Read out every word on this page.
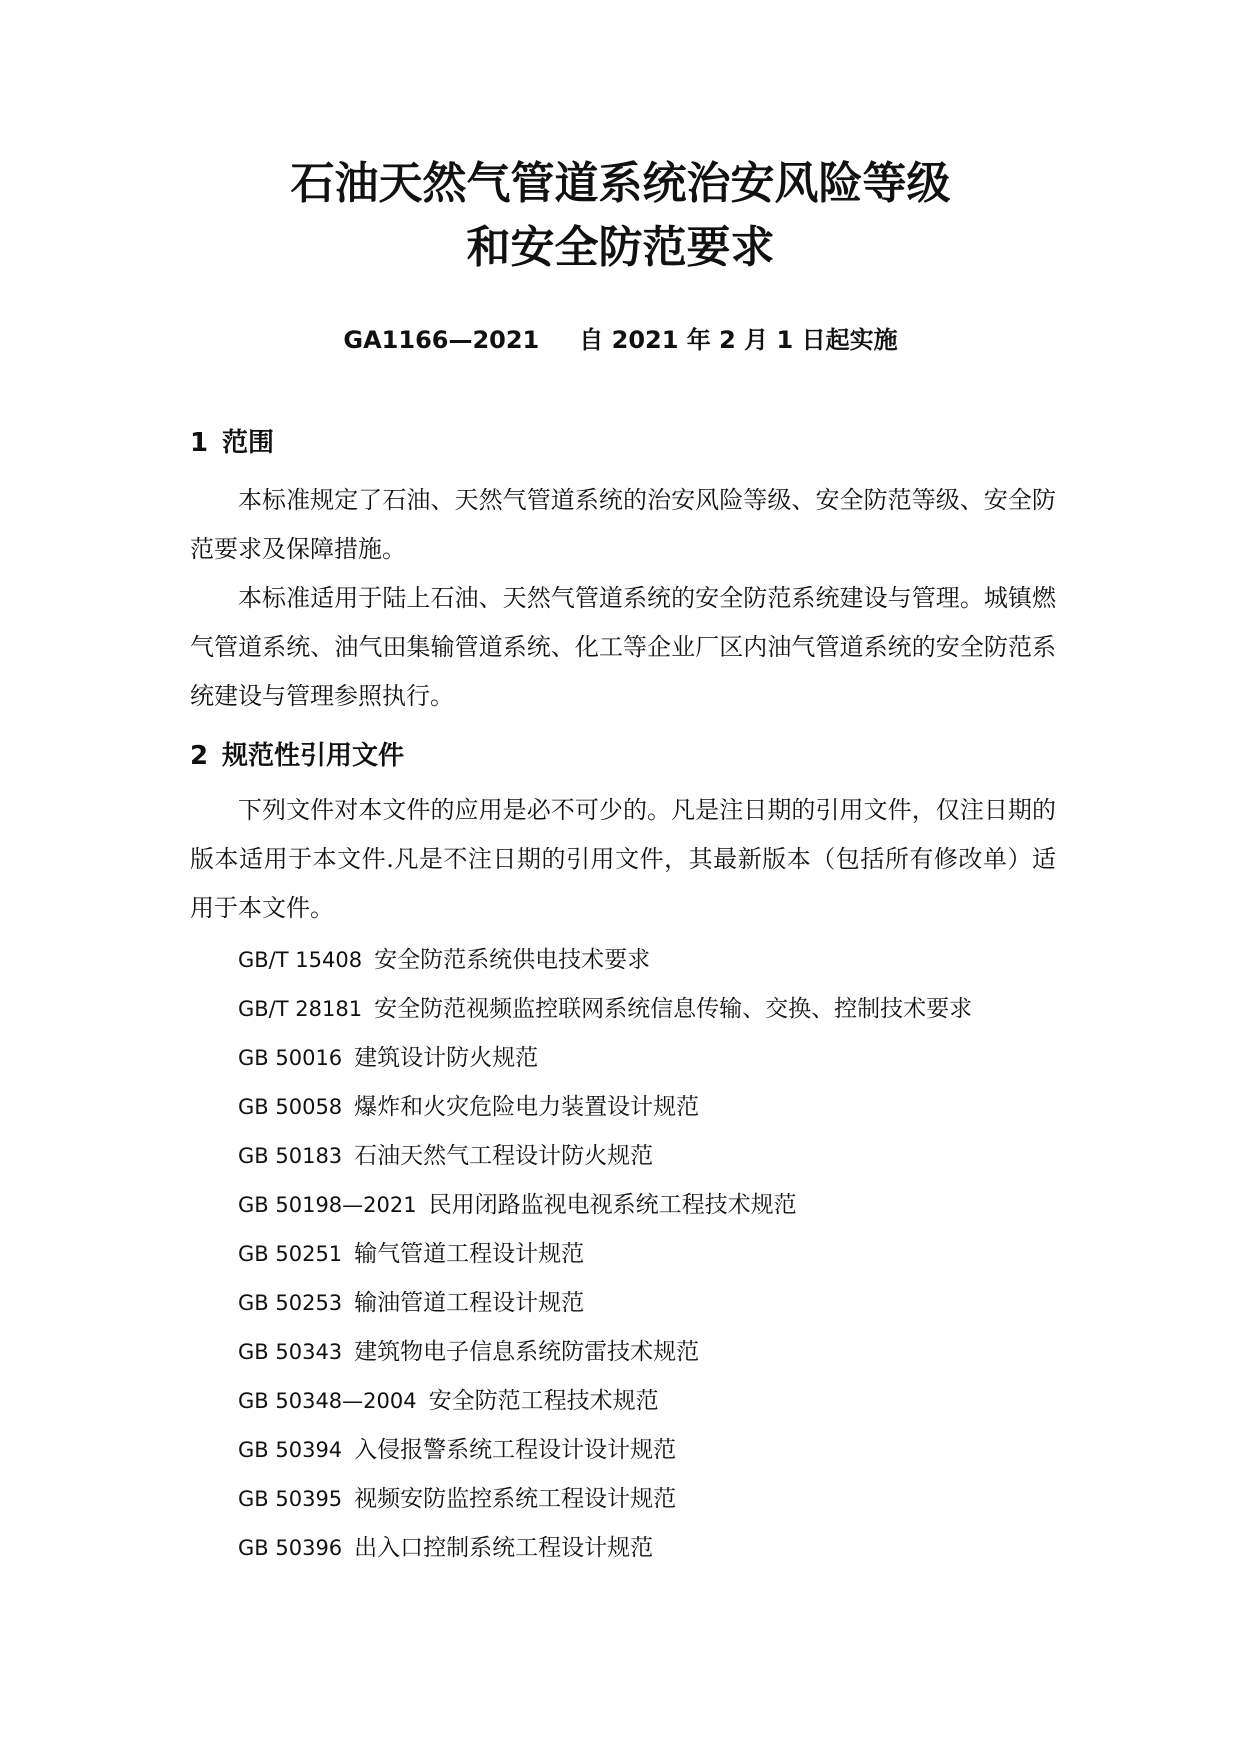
石油天然气管道系统治安风险等级
和安全防范要求
GA1166—2021 自 2021 年 2 月 1 日起实施
1 范围

本标准规定了石油、天然气管道系统的治安风险等级、安全防范等级、安全防范要求及保障措施。

本标准适用于陆上石油、天然气管道系统的安全防范系统建设与管理。城镇燃气管道系统、油气田集输管道系统、化工等企业厂区内油气管道系统的安全防范系统建设与管理参照执行。

2 规范性引用文件

下列文件对本文件的应用是必不可少的。凡是注日期的引用文件，仅注日期的版本适用于本文件.凡是不注日期的引用文件，其最新版本（包括所有修改单）适用于本文件。

GB/T 15408 安全防范系统供电技术要求
GB/T 28181 安全防范视频监控联网系统信息传输、交换、控制技术要求
GB 50016 建筑设计防火规范
GB 50058 爆炸和火灾危险电力装置设计规范
GB 50183 石油天然气工程设计防火规范
GB 50198—2021 民用闭路监视电视系统工程技术规范
GB 50251 输气管道工程设计规范
GB 50253 输油管道工程设计规范
GB 50343 建筑物电子信息系统防雷技术规范
GB 50348—2004 安全防范工程技术规范
GB 50394 入侵报警系统工程设计设计规范
GB 50395 视频安防监控系统工程设计规范
GB 50396 出入口控制系统工程设计规范
